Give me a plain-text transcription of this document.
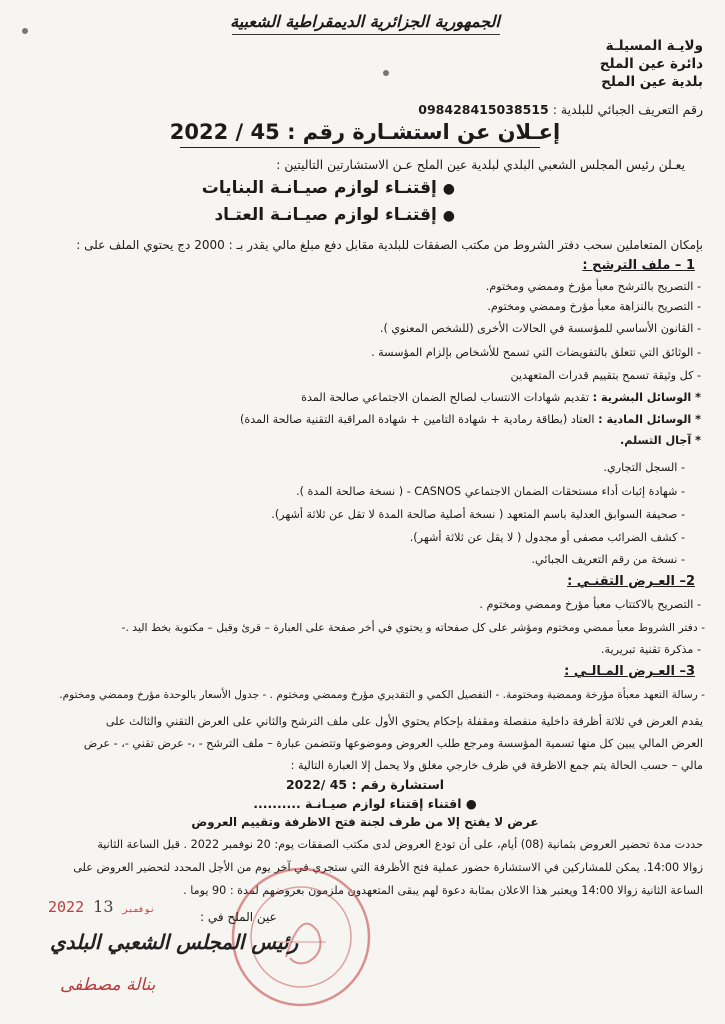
الجمهورية الجزائرية الديمقراطية الشعبية
ولايـة المسيلـة
دائرة عين الملح
بلدية عين الملح
رقم التعريف الجبائي للبلدية : 098428415038515
إعـلان عن استشـارة رقم : 45 / 2022
يعـلن رئيس المجلس الشعبي البلدي لبلدية عين الملح عـن الاستشارتين التاليتين :
●إقتنـاء لوازم صيـانـة البنايات
●إقتنـاء لوازم صيـانـة العتـاد
بإمكان المتعاملين سحب دفتر الشروط من مكتب الصفقات للبلدية مقابل دفع مبلغ مالي يقدر بـ : 2000 دج يحتوي الملف على :
1 – ملف الترشح :
- التصريح بالترشح معبأ مؤرخ وممضي ومختوم.
- التصريح بالنزاهة معبأ مؤرخ وممضي ومختوم.
- القانون الأساسي للمؤسسة في الحالات الأخرى (للشخص المعنوي ).
- الوثائق التي تتعلق بالتفويضات التي تسمح للأشخاص بإلزام المؤسسة .
- كل وثيقة تسمح بتقييم قدرات المتعهدين
* الوسائل البشرية : تقديم شهادات الانتساب لصالح الضمان الاجتماعي صالحة المدة
* الوسائل المادية : العتاد (بطاقة رمادية + شهادة التامين + شهادة المراقبة التقنية صالحة المدة)
* آجال التسلم.
- السجل التجاري.
- شهادة إثبات أداء مستحقات الضمان الاجتماعي CASNOS - ( نسخة صالحة المدة ).
- صحيفة السوابق العدلية باسم المتعهد ( نسخة أصلية صالحة المدة لا تقل عن ثلاثة أشهر).
- كشف الضرائب مصفى أو مجدول ( لا يقل عن ثلاثة أشهر).
- نسخة من رقم التعريف الجبائي.
2– العـرض التقنـي :
- التصريح بالاكتتاب معبأ مؤرخ وممضي ومختوم .
- دفتر الشروط معبأ ممضي ومختوم ومؤشر على كل صفحاته و يحتوي في أخر صفحة على العبارة – قرئ وقبل – مكتوبة بخط اليد .-
- مذكرة تقنية تبريرية.
3– العـرض المـالـي :
- رسالة التعهد معبأة مؤرخة وممضية ومختومة. - التفصيل الكمي و التقديري مؤرخ وممضي ومختوم . - جدول الأسعار بالوحدة مؤرخ وممضي ومختوم.
يقدم العرض في ثلاثة أظرفة داخلية منفصلة ومقفلة بإحكام يحتوي الأول على ملف الترشح والثاني على العرض التقني والثالث على
العرض المالي يبين كل منها تسمية المؤسسة ومرجع طلب العروض وموضوعها وتتضمن عبارة – ملف الترشح - ،- عرض تقني -، - عرض
مالي – حسب الحالة يتم جمع الاظرفة في ظرف خارجي مغلق ولا يحمل إلا العبارة التالية :
استشارة رقم : 45 /2022
● اقتناء إقتناء لوازم صيـانـة ..........
عرض لا يفتح إلا من طرف لجنة فتح الاظرفة وتقييم العروض
حددت مدة تحضير العروض بثمانية (08) أيام، على أن تودع العروض لدى مكتب الصفقات يوم: 20 نوفمبر 2022 . قبل الساعة الثانية
زوالا 14:00. يمكن للمشاركين في الاستشارة حضور عملية فتح الأظرفة التي ستجري في آخر يوم من الأجل المحدد لتحضير العروض على
الساعة الثانية زوالا 14:00 ويعتبر هذا الاعلان بمثابة دعوة لهم يبقى المتعهدون ملزمون بعروضهم لمدة : 90 يوما .
عين الملح في :
2022	نوفمبر 13
رئيس المجلس الشعبي البلدي
بنالة مصطفى
